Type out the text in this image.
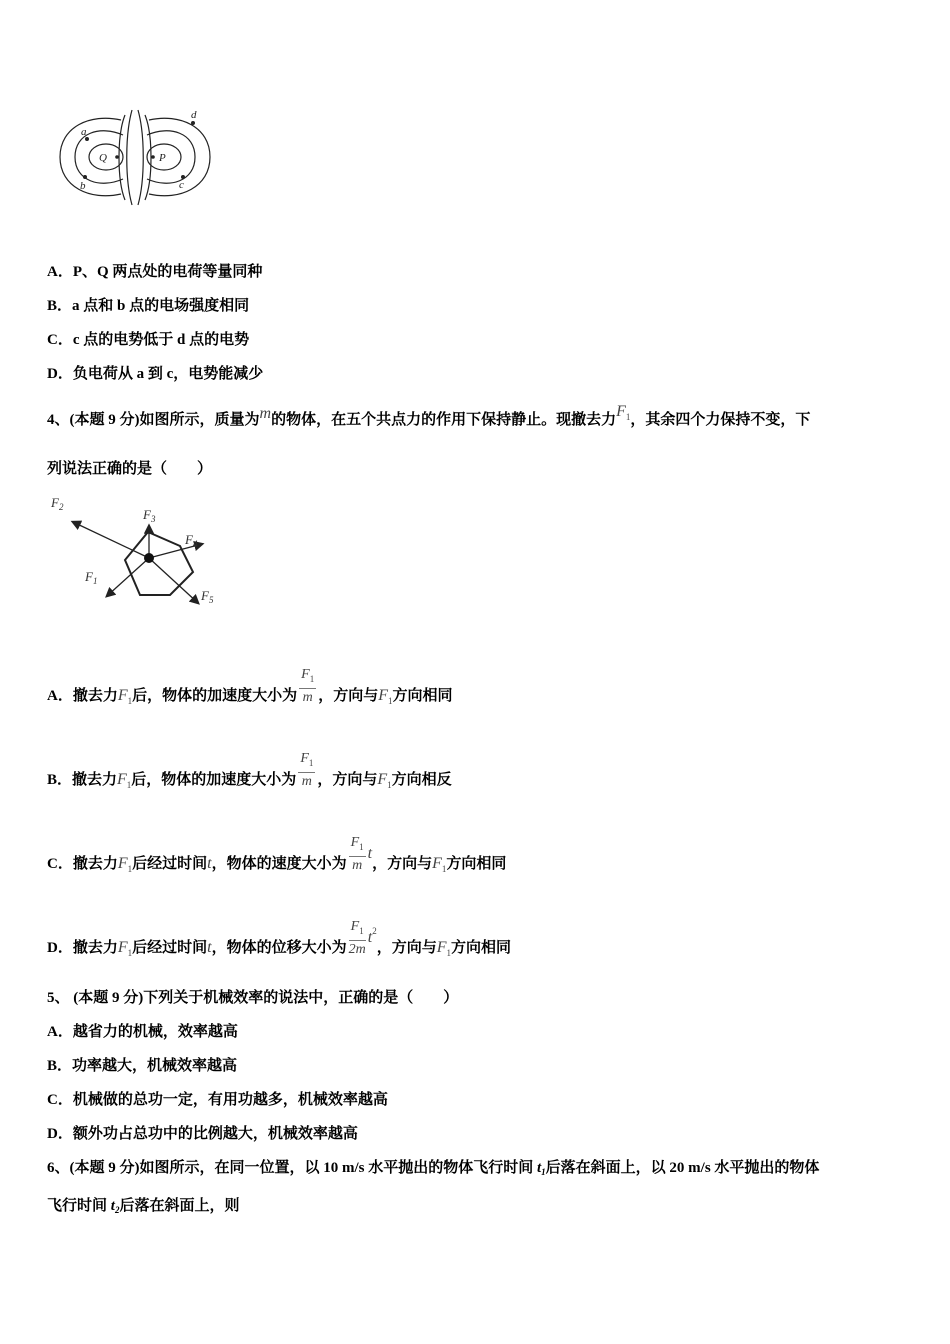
a
b	c
d
Q	P
A．P、Q 两点处的电荷等量同种
B．a 点和 b 点的电场强度相同
C．c 点的电势低于 d 点的电势
D．负电荷从 a 到 c，电势能减少
4、(本题 9 分)如图所示，质量为m的物体，在五个共点力的作用下保持静止。现撤去力$F_1$，其余四个力保持不变，下
列说法正确的是（　　）
$F_2$	$F_3$
$F_4$
$F_1$
$F_5$
A．撤去力$F_1$后，物体的加速度大小为 $\frac{F_1}{m}$ ，方向与$F_1$方向相同
B．撤去力$F_1$后，物体的加速度大小为 $\frac{F_1}{m}$ ，方向与$F_1$方向相反
C．撤去力$F_1$后经过时间t，物体的速度大小为 $\frac{F_1}{m}$ t，方向与$F_1$方向相同
D．撤去力$F_1$后经过时间t，物体的位移大小为 $\frac{F_1}{2m} t^2$，方向与$F_1$方向相同
5、 (本题 9 分)下列关于机械效率的说法中，正确的是（　　）
A．越省力的机械，效率越高
B．功率越大，机械效率越高
C．机械做的总功一定，有用功越多，机械效率越高
D．额外功占总功中的比例越大，机械效率越高
6、(本题 9 分)如图所示，在同一位置，以 10 m/s 水平抛出的物体飞行时间 $t_1$后落在斜面上，以 20 m/s 水平抛出的物体
飞行时间 $t_2$后落在斜面上，则
